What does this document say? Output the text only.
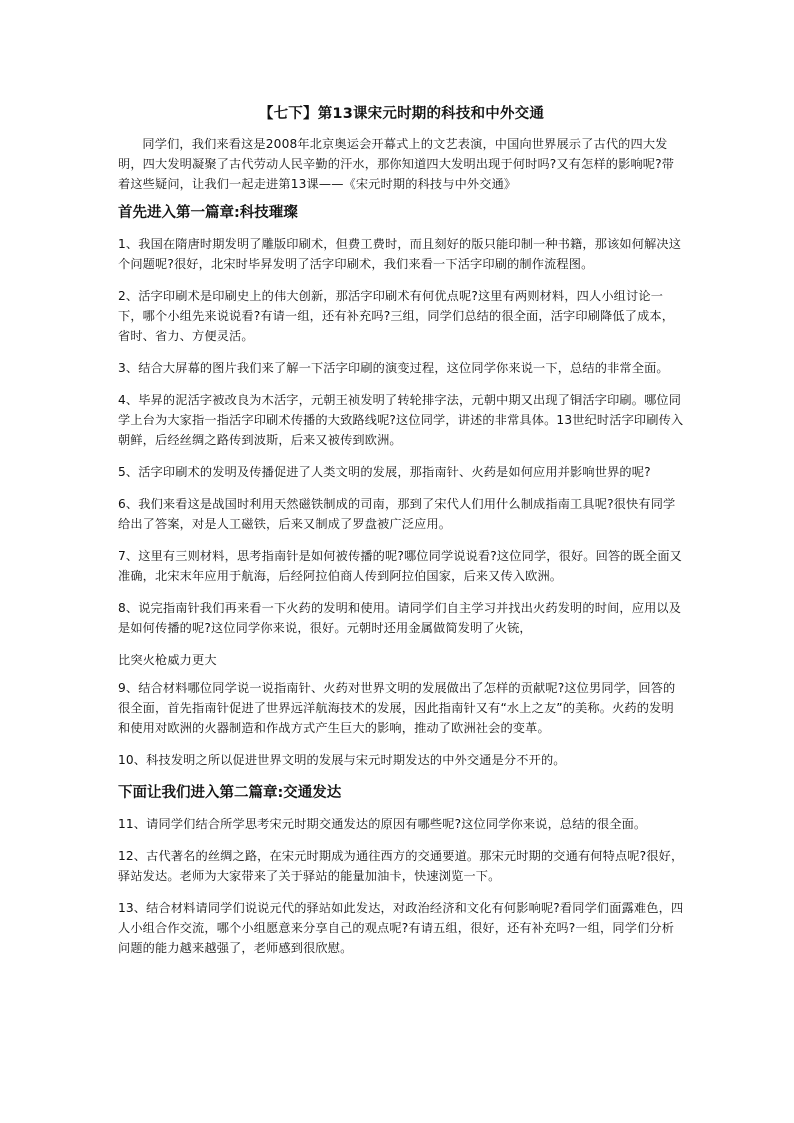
【七下】第13课宋元时期的科技和中外交通

同学们，我们来看这是2008年北京奥运会开幕式上的文艺表演，中国向世界展示了古代的四大发明，四大发明凝聚了古代劳动人民辛勤的汗水，那你知道四大发明出现于何时吗?又有怎样的影响呢?带着这些疑问，让我们一起走进第13课——《宋元时期的科技与中外交通》

首先进入第一篇章:科技璀璨

1、我国在隋唐时期发明了雕版印刷术，但费工费时，而且刻好的版只能印制一种书籍，那该如何解决这个问题呢?很好，北宋时毕昇发明了活字印刷术，我们来看一下活字印刷的制作流程图。

2、活字印刷术是印刷史上的伟大创新，那活字印刷术有何优点呢?这里有两则材料，四人小组讨论一下，哪个小组先来说说看?有请一组，还有补充吗?三组，同学们总结的很全面，活字印刷降低了成本，省时、省力、方便灵活。

3、结合大屏幕的图片我们来了解一下活字印刷的演变过程，这位同学你来说一下，总结的非常全面。

4、毕昇的泥活字被改良为木活字，元朝王祯发明了转轮排字法，元朝中期又出现了铜活字印刷。哪位同学上台为大家指一指活字印刷术传播的大致路线呢?这位同学，讲述的非常具体。13世纪时活字印刷传入朝鲜，后经丝绸之路传到波斯，后来又被传到欧洲。

5、活字印刷术的发明及传播促进了人类文明的发展，那指南针、火药是如何应用并影响世界的呢?

6、我们来看这是战国时利用天然磁铁制成的司南，那到了宋代人们用什么制成指南工具呢?很快有同学给出了答案，对是人工磁铁，后来又制成了罗盘被广泛应用。

7、这里有三则材料，思考指南针是如何被传播的呢?哪位同学说说看?这位同学，很好。回答的既全面又准确，北宋末年应用于航海，后经阿拉伯商人传到阿拉伯国家，后来又传入欧洲。

8、说完指南针我们再来看一下火药的发明和使用。请同学们自主学习并找出火药发明的时间，应用以及是如何传播的呢?这位同学你来说，很好。元朝时还用金属做简发明了火铳，

比突火枪威力更大

9、结合材料哪位同学说一说指南针、火药对世界文明的发展做出了怎样的贡献呢?这位男同学，回答的很全面，首先指南针促进了世界远洋航海技术的发展，因此指南针又有“水上之友”的美称。火药的发明和使用对欧洲的火器制造和作战方式产生巨大的影响，推动了欧洲社会的变革。

10、科技发明之所以促进世界文明的发展与宋元时期发达的中外交通是分不开的。

下面让我们进入第二篇章:交通发达

11、请同学们结合所学思考宋元时期交通发达的原因有哪些呢?这位同学你来说，总结的很全面。

12、古代著名的丝绸之路，在宋元时期成为通往西方的交通要道。那宋元时期的交通有何特点呢?很好，驿站发达。老师为大家带来了关于驿站的能量加油卡，快速浏览一下。

13、结合材料请同学们说说元代的驿站如此发达，对政治经济和文化有何影响呢?看同学们面露难色，四人小组合作交流，哪个小组愿意来分享自己的观点呢?有请五组，很好，还有补充吗?一组，同学们分析问题的能力越来越强了，老师感到很欣慰。
